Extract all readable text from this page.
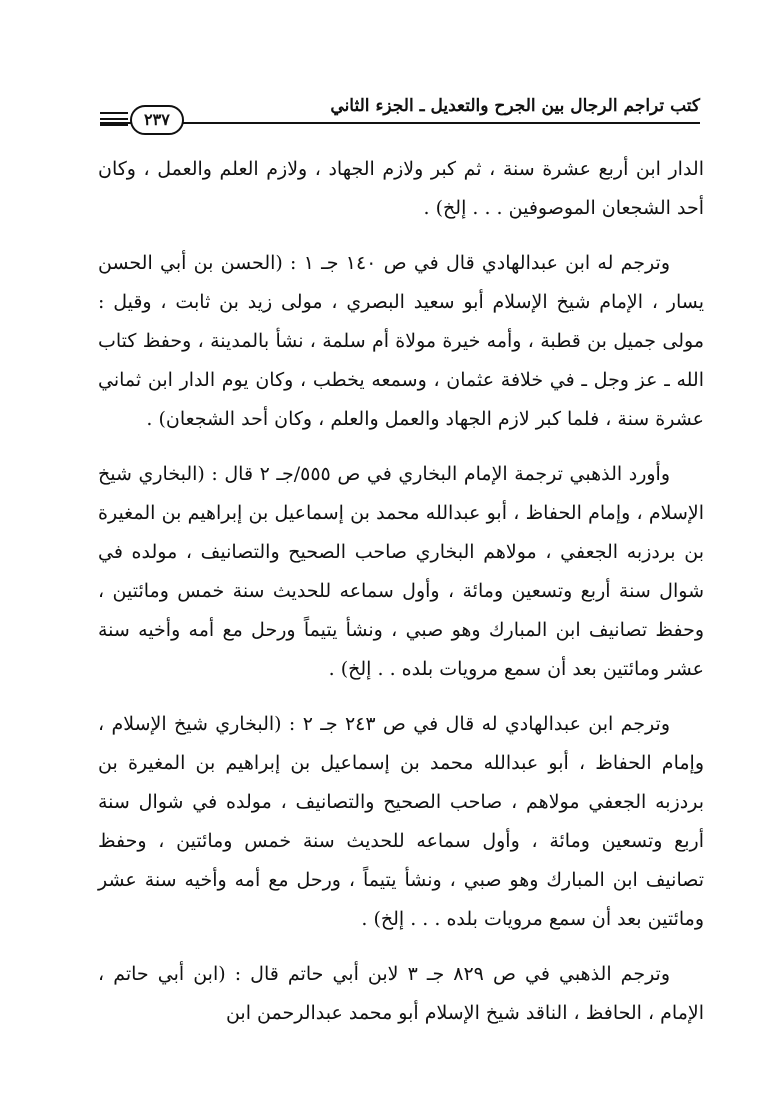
كتب تراجم الرجال بين الجرح والتعديل ـ الجزء الثاني
٢٣٧

الدار ابن أربع عشرة سنة ، ثم كبر ولازم الجهاد ، ولازم العلم والعمل ، وكان أحد الشجعان الموصوفين . . . إلخ) .

وترجم له ابن عبدالهادي قال في ص ١٤٠ جـ ١ : (الحسن بن أبي الحسن يسار ، الإمام شيخ الإسلام أبو سعيد البصري ، مولى زيد بن ثابت ، وقيل : مولى جميل بن قطبة ، وأمه خيرة مولاة أم سلمة ، نشأ بالمدينة ، وحفظ كتاب الله ـ عز وجل ـ في خلافة عثمان ، وسمعه يخطب ، وكان يوم الدار ابن ثماني عشرة سنة ، فلما كبر لازم الجهاد والعمل والعلم ، وكان أحد الشجعان) .

وأورد الذهبي ترجمة الإمام البخاري في ص ٥٥٥/جـ ٢ قال : (البخاري شيخ الإسلام ، وإمام الحفاظ ، أبو عبدالله محمد بن إسماعيل بن إبراهيم بن المغيرة بن بردزبه الجعفي ، مولاهم البخاري صاحب الصحيح والتصانيف ، مولده في شوال سنة أربع وتسعين ومائة ، وأول سماعه للحديث سنة خمس ومائتين ، وحفظ تصانيف ابن المبارك وهو صبي ، ونشأ يتيماً ورحل مع أمه وأخيه سنة عشر ومائتين بعد أن سمع مرويات بلده . . إلخ) .

وترجم ابن عبدالهادي له قال في ص ٢٤٣ جـ ٢ : (البخاري شيخ الإسلام ، وإمام الحفاظ ، أبو عبدالله محمد بن إسماعيل بن إبراهيم بن المغيرة بن بردزبه الجعفي مولاهم ، صاحب الصحيح والتصانيف ، مولده في شوال سنة أربع وتسعين ومائة ، وأول سماعه للحديث سنة خمس ومائتين ، وحفظ تصانيف ابن المبارك وهو صبي ، ونشأ يتيماً ، ورحل مع أمه وأخيه سنة عشر ومائتين بعد أن سمع مرويات بلده . . . إلخ) .

وترجم الذهبي في ص ٨٢٩ جـ ٣ لابن أبي حاتم قال : (ابن أبي حاتم ، الإمام ، الحافظ ، الناقد شيخ الإسلام أبو محمد عبدالرحمن ابن
